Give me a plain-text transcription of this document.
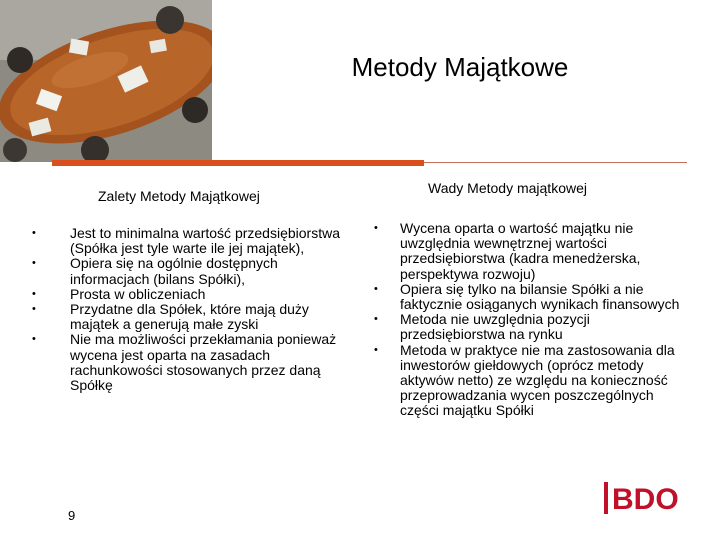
Metody Majątkowe
Zalety Metody Majątkowej	Wady Metody majątkowej
• Jest to minimalna wartość przedsiębiorstwa (Spółka jest tyle warte ile jej majątek),
• Opiera się na ogólnie dostępnych informacjach (bilans Spółki),
• Prosta w obliczeniach
• Przydatne dla Spółek, które mają duży majątek a generują małe zyski
• Nie ma możliwości przekłamania ponieważ wycena jest oparta na zasadach rachunkowości stosowanych przez daną Spółkę
• Wycena oparta o wartość majątku nie uwzględnia wewnętrznej wartości przedsiębiorstwa (kadra menedżerska, perspektywa rozwoju)
• Opiera się tylko na bilansie Spółki a nie faktycznie osiąganych wynikach finansowych
• Metoda nie uwzględnia pozycji przedsiębiorstwa na rynku
• Metoda w praktyce nie ma zastosowania dla inwestorów giełdowych (oprócz metody aktywów netto) ze względu na konieczność przeprowadzania wycen poszczególnych części majątku Spółki
9	BDO
